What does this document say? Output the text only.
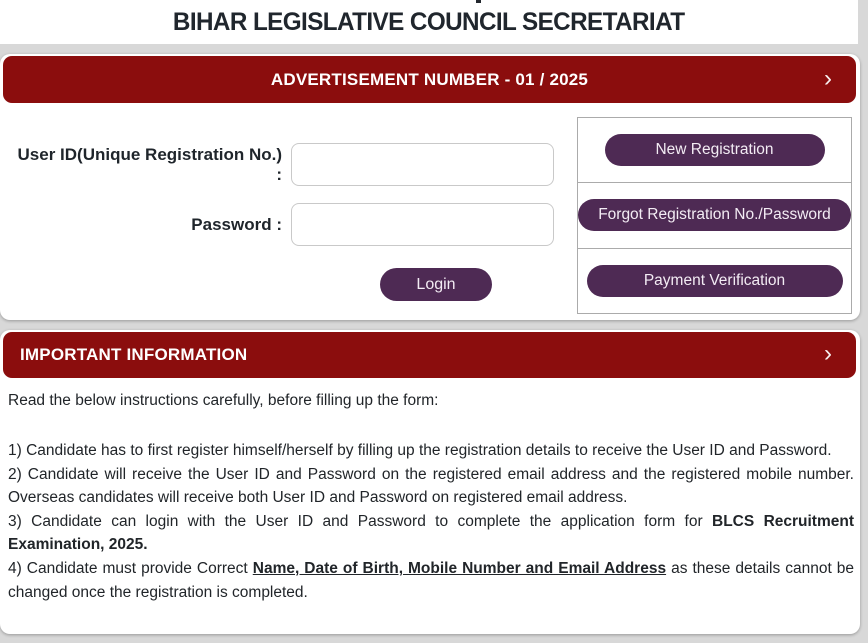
BIHAR LEGISLATIVE COUNCIL SECRETARIAT
ADVERTISEMENT NUMBER - 01 / 2025	›
User ID(Unique Registration No.) :
Password :
Login
New Registration
Forgot Registration No./Password
Payment Verification
IMPORTANT INFORMATION	›

Read the below instructions carefully, before filling up the form:

1) Candidate has to first register himself/herself by filling up the registration details to receive the User ID and Password.
2) Candidate will receive the User ID and Password on the registered email address and the registered mobile number. Overseas candidates will receive both User ID and Password on registered email address.
3) Candidate can login with the User ID and Password to complete the application form for BLCS Recruitment Examination, 2025.
4) Candidate must provide Correct Name, Date of Birth, Mobile Number and Email Address as these details cannot be changed once the registration is completed.
